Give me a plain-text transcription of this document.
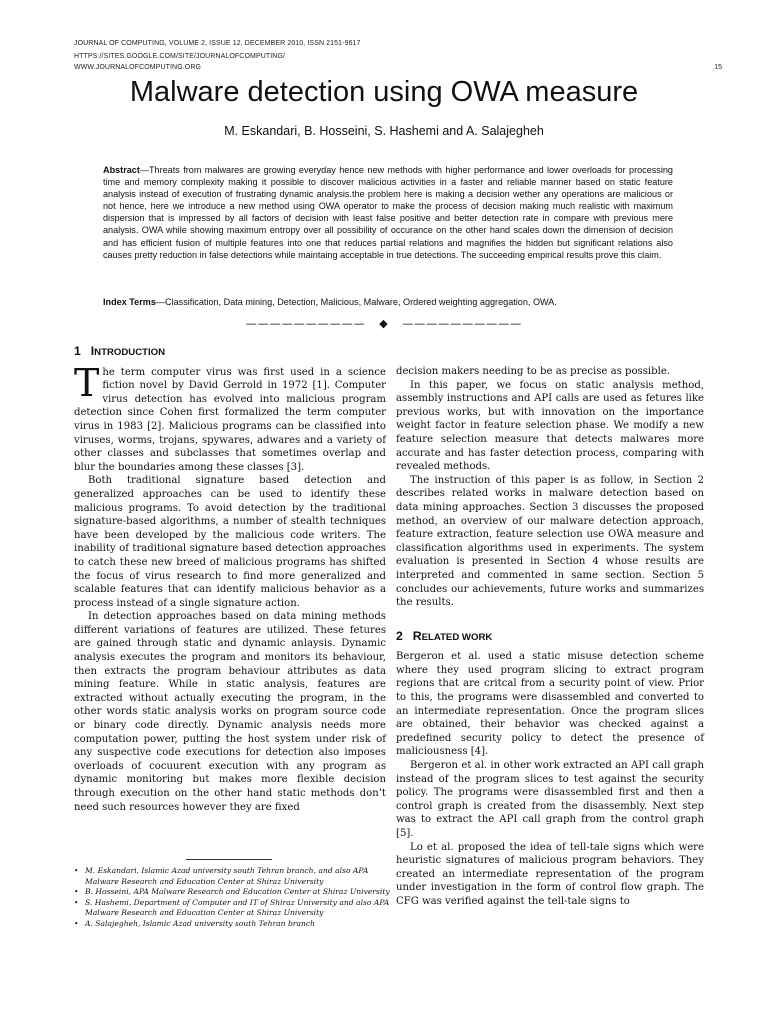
JOURNAL OF COMPUTING, VOLUME 2, ISSUE 12, DECEMBER 2010, ISSN 2151-9617
HTTPS://SITES.GOOGLE.COM/SITE/JOURNALOFCOMPUTING/
WWW.JOURNALOFCOMPUTING.ORG	15
Malware detection using OWA measure
M. Eskandari, B. Hosseini, S. Hashemi and A. Salajegheh
Abstract—Threats from malwares are growing everyday hence new methods with higher performance and lower overloads for processing time and memory complexity making it possible to discover malicious activities in a faster and reliable manner based on static feature analysis instead of execution of frustrating dynamic analysis.the problem here is making a decision wether any operations are malicious or not hence, here we introduce a new method using OWA operator to make the process of decision making much realistic with maximum dispersion that is impressed by all factors of decision with least false positive and better detection rate in compare with previous mere analysis. OWA while showing maximum entropy over all possibility of occurance on the other hand scales down the dimension of decision and has efficient fusion of multiple features into one that reduces partial relations and magnifies the hidden but significant relations also causes pretty reduction in false detections while maintaing acceptable in true detections. The succeeding empirical results prove this claim.
Index Terms—Classification, Data mining, Detection, Malicious, Malware, Ordered weighting aggregation, OWA.
——————————   ◆   ——————————
1 INTRODUCTION

The term computer virus was first used in a science fiction novel by David Gerrold in 1972 [1]. Computer virus detection has evolved into malicious program detection since Cohen first formalized the term computer virus in 1983 [2]. Malicious programs can be classified into viruses, worms, trojans, spywares, adwares and a variety of other classes and subclasses that sometimes overlap and blur the boundaries among these classes [3].

Both traditional signature based detection and generalized approaches can be used to identify these malicious programs. To avoid detection by the traditional signature-based algorithms, a number of stealth techniques have been developed by the malicious code writers. The inability of traditional signature based detection approaches to catch these new breed of malicious programs has shifted the focus of virus research to find more generalized and scalable features that can identify malicious behavior as a process instead of a single signature action.

In detection approaches based on data mining methods different variations of features are utilized. These fetures are gained through static and dynamic anlaysis. Dynamic analysis executes the program and monitors its behaviour, then extracts the program behaviour attributes as data mining feature. While in static analysis, features are extracted without actually executing the program, in the other words static analysis works on program source code or binary code directly. Dynamic analysis needs more computation power, putting the host system under risk of any suspective code executions for detection also imposes overloads of cocuurent execution with any program as dynamic monitoring but makes more flexible decision through execution on the other hand static methods don’t need such resources however they are fixed

decision makers needing to be as precise as possible.

In this paper, we focus on static analysis method, assembly instructions and API calls are used as fetures like previous works, but with innovation on the importance weight factor in feature selection phase. We modify a new feature selection measure that detects malwares more accurate and has faster detection process, comparing with revealed methods.

The instruction of this paper is as follow, in Section 2 describes related works in malware detection based on data mining approaches. Section 3 discusses the proposed method, an overview of our malware detection approach, feature extraction, feature selection use OWA measure and classification algorithms used in experiments. The system evaluation is presented in Section 4 whose results are interpreted and commented in same section. Section 5 concludes our achievements, future works and summarizes the results.

2 RELATED WORK

Bergeron et al. used a static misuse detection scheme where they used program slicing to extract program regions that are critcal from a security point of view. Prior to this, the programs were disassembled and converted to an intermediate representation. Once the program slices are obtained, their behavior was checked against a predefined security policy to detect the presence of maliciousness [4].

Bergeron et al. in other work extracted an API call graph instead of the program slices to test against the security policy. The programs were disassembled first and then a control graph is created from the disassembly. Next step was to extract the API call graph from the control graph [5].

Lo et al. proposed the idea of tell-tale signs which were heuristic signatures of malicious program behaviors. They created an intermediate representation of the program under investigation in the form of control flow graph. The CFG was verified against the tell-tale signs to

• M. Eskandari, Islamic Azad university south Tehran branch, and also APA Malware Research and Education Center at Shiraz University
• B. Hosseini, APA Malware Research and Education Center at Shiraz University
• S. Hashemi, Department of Computer and IT of Shiraz University and also APA Malware Research and Education Center at Shiraz University
• A. Salajegheh, Islamic Azad university south Tehran branch
